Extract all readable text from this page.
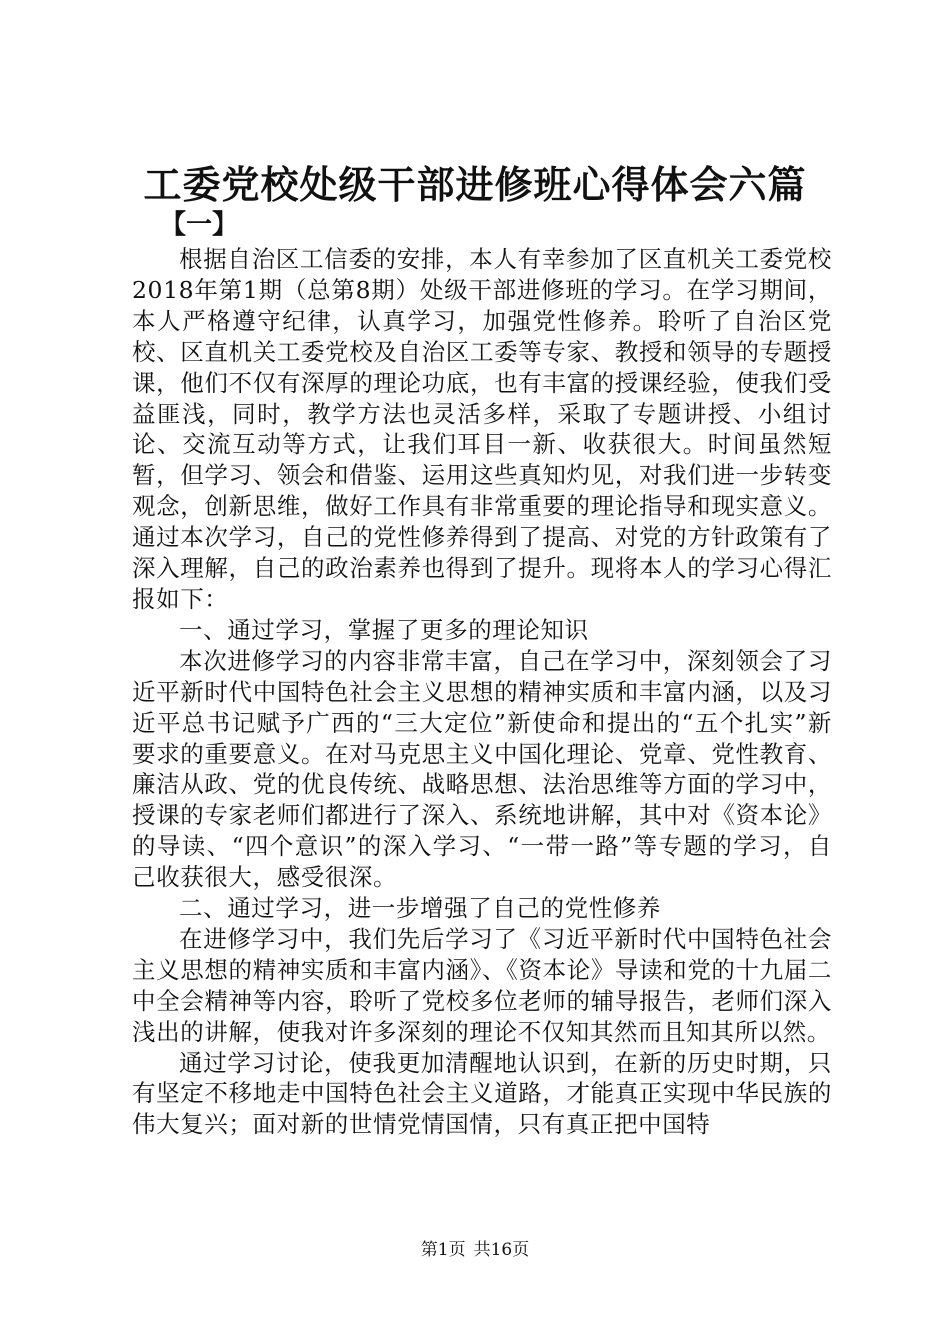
工委党校处级干部进修班心得体会六篇
【一】

根据自治区工信委的安排，本人有幸参加了区直机关工委党校2018年第1期（总第8期）处级干部进修班的学习。在学习期间，本人严格遵守纪律，认真学习，加强党性修养。聆听了自治区党校、区直机关工委党校及自治区工委等专家、教授和领导的专题授课，他们不仅有深厚的理论功底，也有丰富的授课经验，使我们受益匪浅，同时，教学方法也灵活多样，采取了专题讲授、小组讨论、交流互动等方式，让我们耳目一新、收获很大。时间虽然短暂，但学习、领会和借鉴、运用这些真知灼见，对我们进一步转变观念，创新思维，做好工作具有非常重要的理论指导和现实意义。通过本次学习，自己的党性修养得到了提高、对党的方针政策有了深入理解，自己的政治素养也得到了提升。现将本人的学习心得汇报如下：

一、通过学习，掌握了更多的理论知识

本次进修学习的内容非常丰富，自己在学习中，深刻领会了习近平新时代中国特色社会主义思想的精神实质和丰富内涵，以及习近平总书记赋予广西的“三大定位”新使命和提出的“五个扎实”新要求的重要意义。在对马克思主义中国化理论、党章、党性教育、廉洁从政、党的优良传统、战略思想、法治思维等方面的学习中，授课的专家老师们都进行了深入、系统地讲解，其中对《资本论》的导读、“四个意识”的深入学习、“一带一路”等专题的学习，自己收获很大，感受很深。

二、通过学习，进一步增强了自己的党性修养

在进修学习中，我们先后学习了《习近平新时代中国特色社会主义思想的精神实质和丰富内涵》、《资本论》导读和党的十九届二中全会精神等内容，聆听了党校多位老师的辅导报告，老师们深入浅出的讲解，使我对许多深刻的理论不仅知其然而且知其所以然。

通过学习讨论，使我更加清醒地认识到，在新的历史时期，只有坚定不移地走中国特色社会主义道路，才能真正实现中华民族的伟大复兴；面对新的世情党情国情，只有真正把中国特

第1页 共16页
